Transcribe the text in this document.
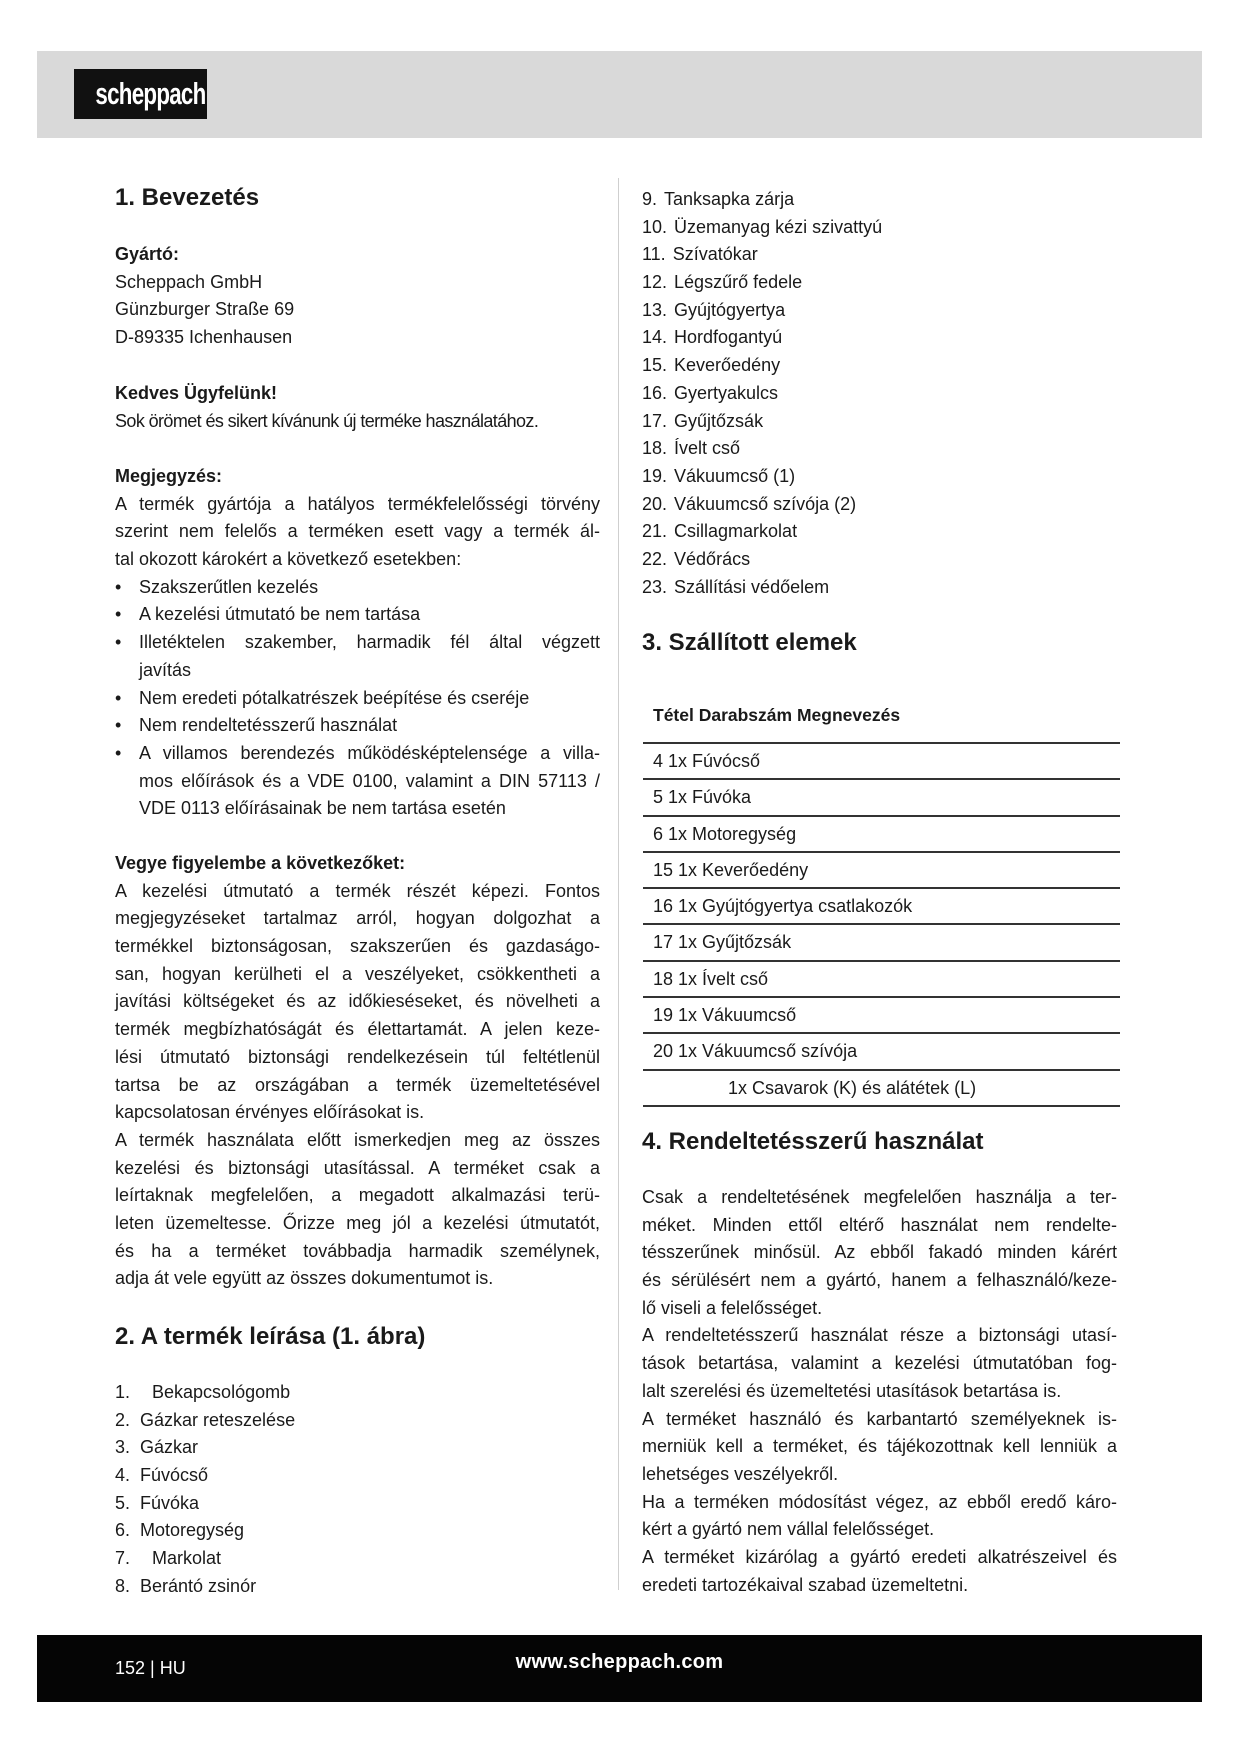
scheppach
1. Bevezetés
Gyártó:
Scheppach GmbH
Günzburger Straße 69
D-89335 Ichenhausen
Kedves Ügyfelünk!
Sok örömet és sikert kívánunk új terméke használatához.
Megjegyzés:
A termék gyártója a hatályos termékfelelősségi törvény
szerint nem felelős a terméken esett vagy a termék ál-
tal okozott károkért a következő esetekben:
• Szakszerűtlen kezelés
• A kezelési útmutató be nem tartása
• Illetéktelen szakember, harmadik fél által végzett
javítás
• Nem eredeti pótalkatrészek beépítése és cseréje
• Nem rendeltetésszerű használat
• A villamos berendezés működésképtelensége a villa-
mos előírások és a VDE 0100, valamint a DIN 57113 /
VDE 0113 előírásainak be nem tartása esetén
Vegye figyelembe a következőket:
A kezelési útmutató a termék részét képezi. Fontos
megjegyzéseket tartalmaz arról, hogyan dolgozhat a
termékkel biztonságosan, szakszerűen és gazdaságo-
san, hogyan kerülheti el a veszélyeket, csökkentheti a
javítási költségeket és az időkieséseket, és növelheti a
termék megbízhatóságát és élettartamát. A jelen keze-
lési útmutató biztonsági rendelkezésein túl feltétlenül
tartsa be az országában a termék üzemeltetésével
kapcsolatosan érvényes előírásokat is.
A termék használata előtt ismerkedjen meg az összes
kezelési és biztonsági utasítással. A terméket csak a
leírtaknak megfelelően, a megadott alkalmazási terü-
leten üzemeltesse. Őrizze meg jól a kezelési útmutatót,
és ha a terméket továbbadja harmadik személynek,
adja át vele együtt az összes dokumentumot is.
2. A termék leírása (1. ábra)
1. Bekapcsológomb
2. Gázkar reteszelése
3. Gázkar
4. Fúvócső
5. Fúvóka
6. Motoregység
7. Markolat
8. Berántó zsinór
9. Tanksapka zárja
10. Üzemanyag kézi szivattyú
11. Szívatókar
12. Légszűrő fedele
13. Gyújtógyertya
14. Hordfogantyú
15. Keverőedény
16. Gyertyakulcs
17. Gyűjtőzsák
18. Ívelt cső
19. Vákuumcső (1)
20. Vákuumcső szívója (2)
21. Csillagmarkolat
22. Védőrács
23. Szállítási védőelem
3. Szállított elemek
4. Rendeltetésszerű használat
Csak a rendeltetésének megfelelően használja a ter-
méket. Minden ettől eltérő használat nem rendelte-
tésszerűnek minősül. Az ebből fakadó minden kárért
és sérülésért nem a gyártó, hanem a felhasználó/keze-
lő viseli a felelősséget.
A rendeltetésszerű használat része a biztonsági utasí-
tások betartása, valamint a kezelési útmutatóban fog-
lalt szerelési és üzemeltetési utasítások betartása is.
A terméket használó és karbantartó személyeknek is-
merniük kell a terméket, és tájékozottnak kell lenniük a
lehetséges veszélyekről.
Ha a terméken módosítást végez, az ebből eredő káro-
kért a gyártó nem vállal felelősséget.
A terméket kizárólag a gyártó eredeti alkatrészeivel és
eredeti tartozékaival szabad üzemeltetni.
Tétel Darabszám Megnevezés
4 1x Fúvócső
5 1x Fúvóka
6 1x Motoregység
15 1x Keverőedény
16 1x Gyújtógyertya csatlakozók
17 1x Gyűjtőzsák
18 1x Ívelt cső
19 1x Vákuumcső
20 1x Vákuumcső szívója
1x Csavarok (K) és alátétek (L)
152 | HU	www.scheppach.com
